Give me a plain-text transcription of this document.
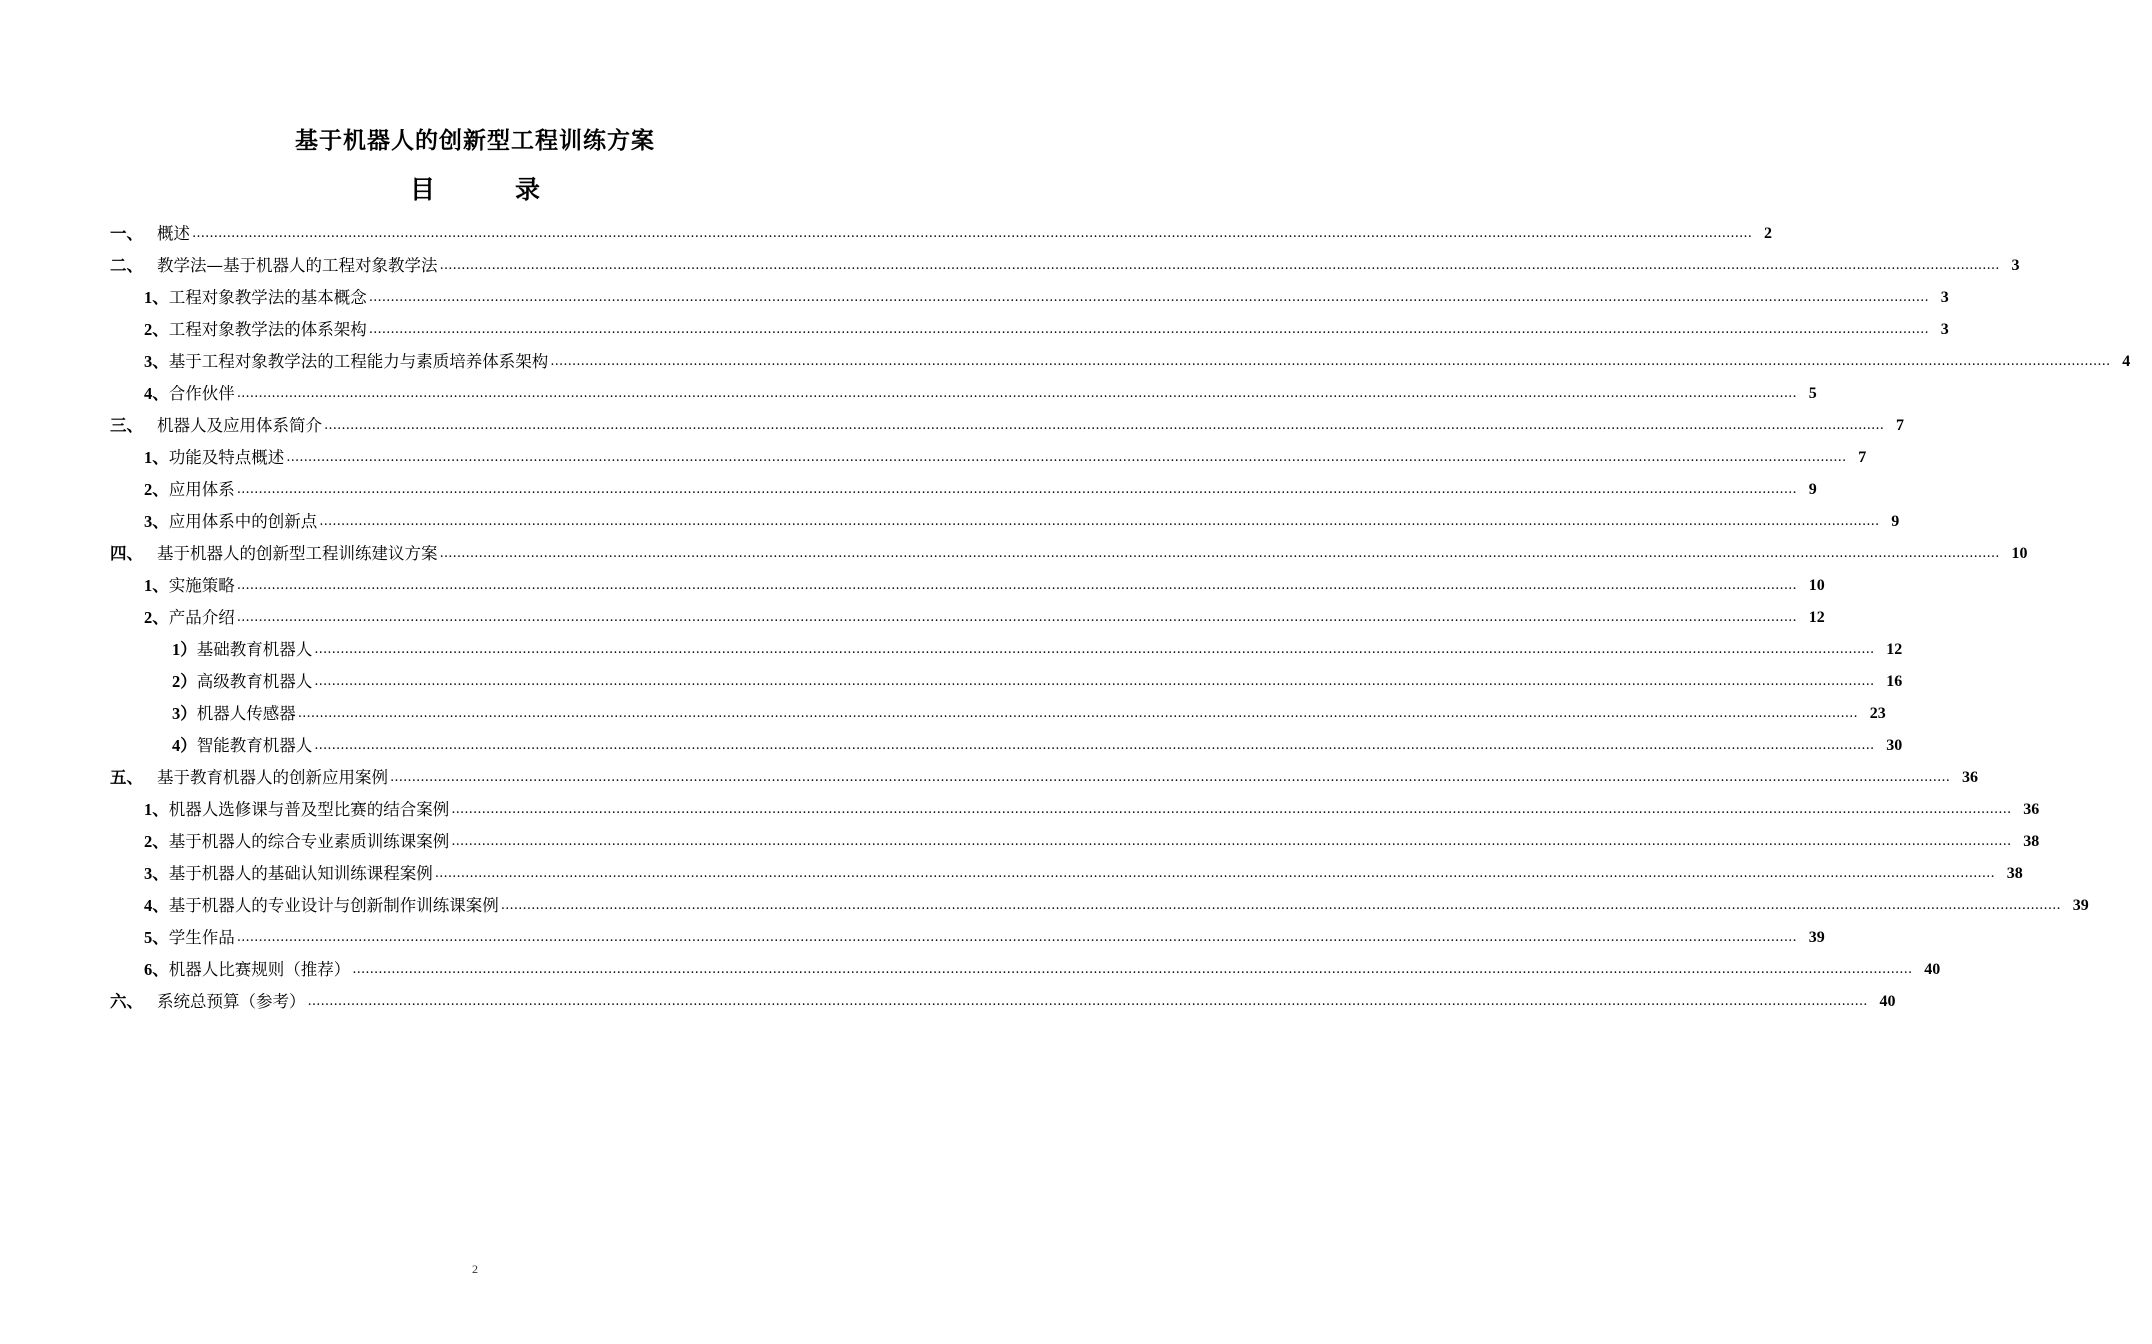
基于机器人的创新型工程训练方案
目	录
一、 概述 ……………………………………………………………………………………………………………………………………………………………………………………………………………………………………………………………………………………………………………………………… 2
二、 教学法—基于机器人的工程对象教学法 ……………………………………………………………………………………………………………………………………………………………………………………………………………………………………………………………………………………………………………………………… 3
1、工程对象教学法的基本概念 ……………………………………………………………………………………………………………………………………………………………………………………………………………………………………………………………………………………………………………………………… 3
2、工程对象教学法的体系架构 ……………………………………………………………………………………………………………………………………………………………………………………………………………………………………………………………………………………………………………………………… 3
3、基于工程对象教学法的工程能力与素质培养体系架构 ……………………………………………………………………………………………………………………………………………………………………………………………………………………………………………………………………………………………………………………………… 4
4、合作伙伴 ……………………………………………………………………………………………………………………………………………………………………………………………………………………………………………………………………………………………………………………………… 5
三、 机器人及应用体系简介 ……………………………………………………………………………………………………………………………………………………………………………………………………………………………………………………………………………………………………………………………… 7
1、功能及特点概述 ……………………………………………………………………………………………………………………………………………………………………………………………………………………………………………………………………………………………………………………………… 7
2、应用体系 ……………………………………………………………………………………………………………………………………………………………………………………………………………………………………………………………………………………………………………………………… 9
3、应用体系中的创新点 ……………………………………………………………………………………………………………………………………………………………………………………………………………………………………………………………………………………………………………………………… 9
四、 基于机器人的创新型工程训练建议方案 ……………………………………………………………………………………………………………………………………………………………………………………………………………………………………………………………………………………………………………………………… 10
1、实施策略 ……………………………………………………………………………………………………………………………………………………………………………………………………………………………………………………………………………………………………………………………… 10
2、产品介绍 ……………………………………………………………………………………………………………………………………………………………………………………………………………………………………………………………………………………………………………………………… 12
1）基础教育机器人 ……………………………………………………………………………………………………………………………………………………………………………………………………………………………………………………………………………………………………………………………… 12
2）高级教育机器人 ……………………………………………………………………………………………………………………………………………………………………………………………………………………………………………………………………………………………………………………………… 16
3）机器人传感器 ……………………………………………………………………………………………………………………………………………………………………………………………………………………………………………………………………………………………………………………………… 23
4）智能教育机器人 ……………………………………………………………………………………………………………………………………………………………………………………………………………………………………………………………………………………………………………………………… 30
五、 基于教育机器人的创新应用案例 ……………………………………………………………………………………………………………………………………………………………………………………………………………………………………………………………………………………………………………………………… 36
1、机器人选修课与普及型比赛的结合案例 ……………………………………………………………………………………………………………………………………………………………………………………………………………………………………………………………………………………………………………………………… 36
2、基于机器人的综合专业素质训练课案例 ……………………………………………………………………………………………………………………………………………………………………………………………………………………………………………………………………………………………………………………………… 38
3、基于机器人的基础认知训练课程案例 ……………………………………………………………………………………………………………………………………………………………………………………………………………………………………………………………………………………………………………………………… 38
4、基于机器人的专业设计与创新制作训练课案例 ……………………………………………………………………………………………………………………………………………………………………………………………………………………………………………………………………………………………………………………………… 39
5、学生作品 ……………………………………………………………………………………………………………………………………………………………………………………………………………………………………………………………………………………………………………………………… 39
6、机器人比赛规则（推荐） ……………………………………………………………………………………………………………………………………………………………………………………………………………………………………………………………………………………………………………………………… 40
六、 系统总预算（参考） ……………………………………………………………………………………………………………………………………………………………………………………………………………………………………………………………………………………………………………………………… 40
2
